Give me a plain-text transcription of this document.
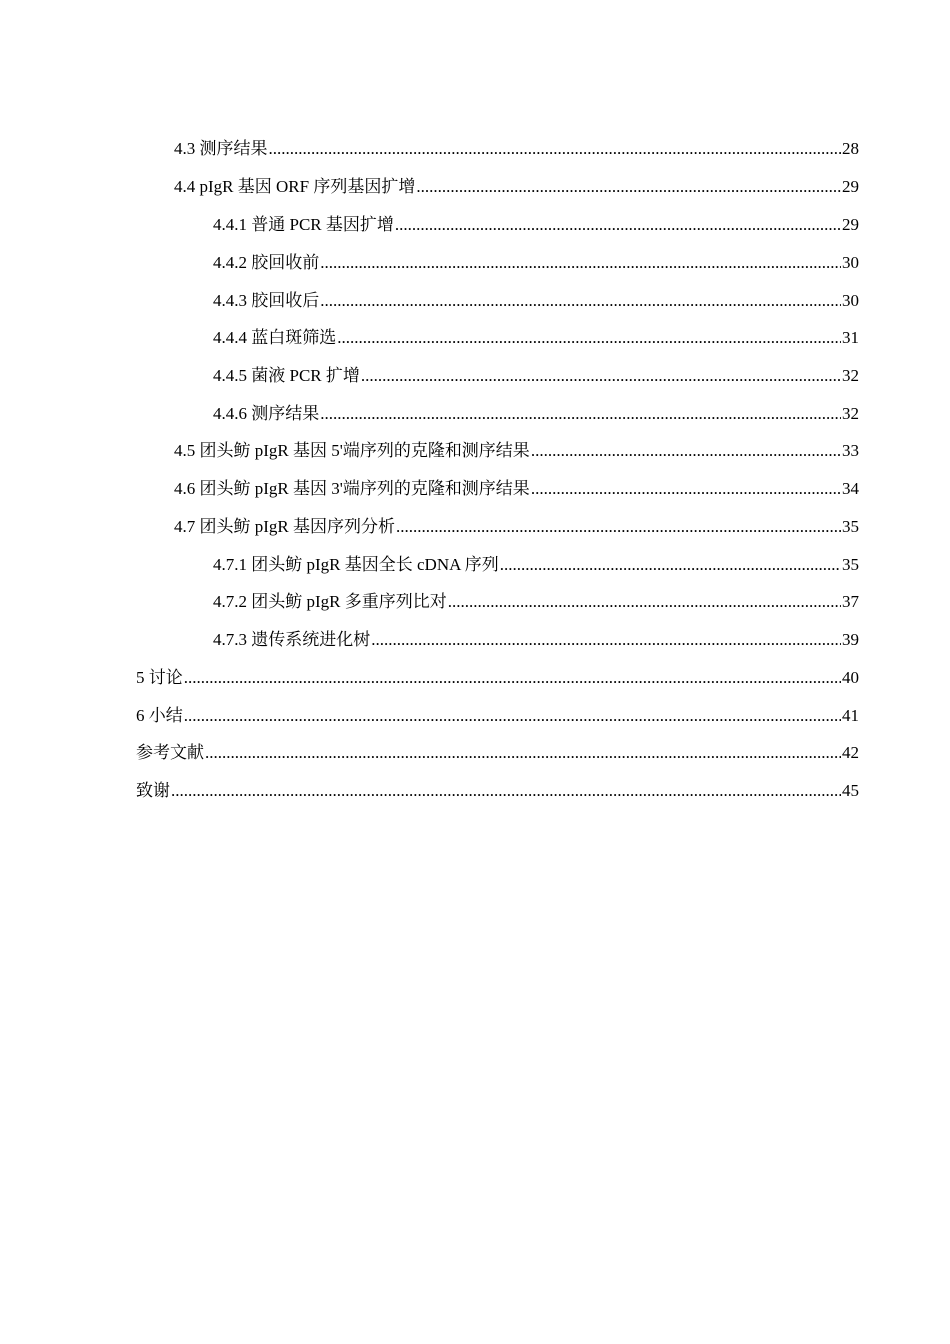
4.3 测序结果 .....	28
4.4 pIgR 基因 ORF 序列基因扩增 .....	29
4.4.1 普通 PCR 基因扩增 .....	29
4.4.2 胶回收前 .....	30
4.4.3 胶回收后 .....	30
4.4.4 蓝白斑筛选 .....	31
4.4.5 菌液 PCR 扩增 .....	32
4.4.6 测序结果 .....	32
4.5 团头鲂 pIgR 基因 5'端序列的克隆和测序结果 .....	33
4.6 团头鲂 pIgR 基因 3'端序列的克隆和测序结果 .....	34
4.7 团头鲂 pIgR 基因序列分析 .....	35
4.7.1 团头鲂 pIgR 基因全长 cDNA 序列 .....	35
4.7.2 团头鲂 pIgR 多重序列比对 .....	37
4.7.3 遗传系统进化树 .....	39
5 讨论 .....	40
6 小结 .....	41
参考文献 .....	42
致谢 .....	45
